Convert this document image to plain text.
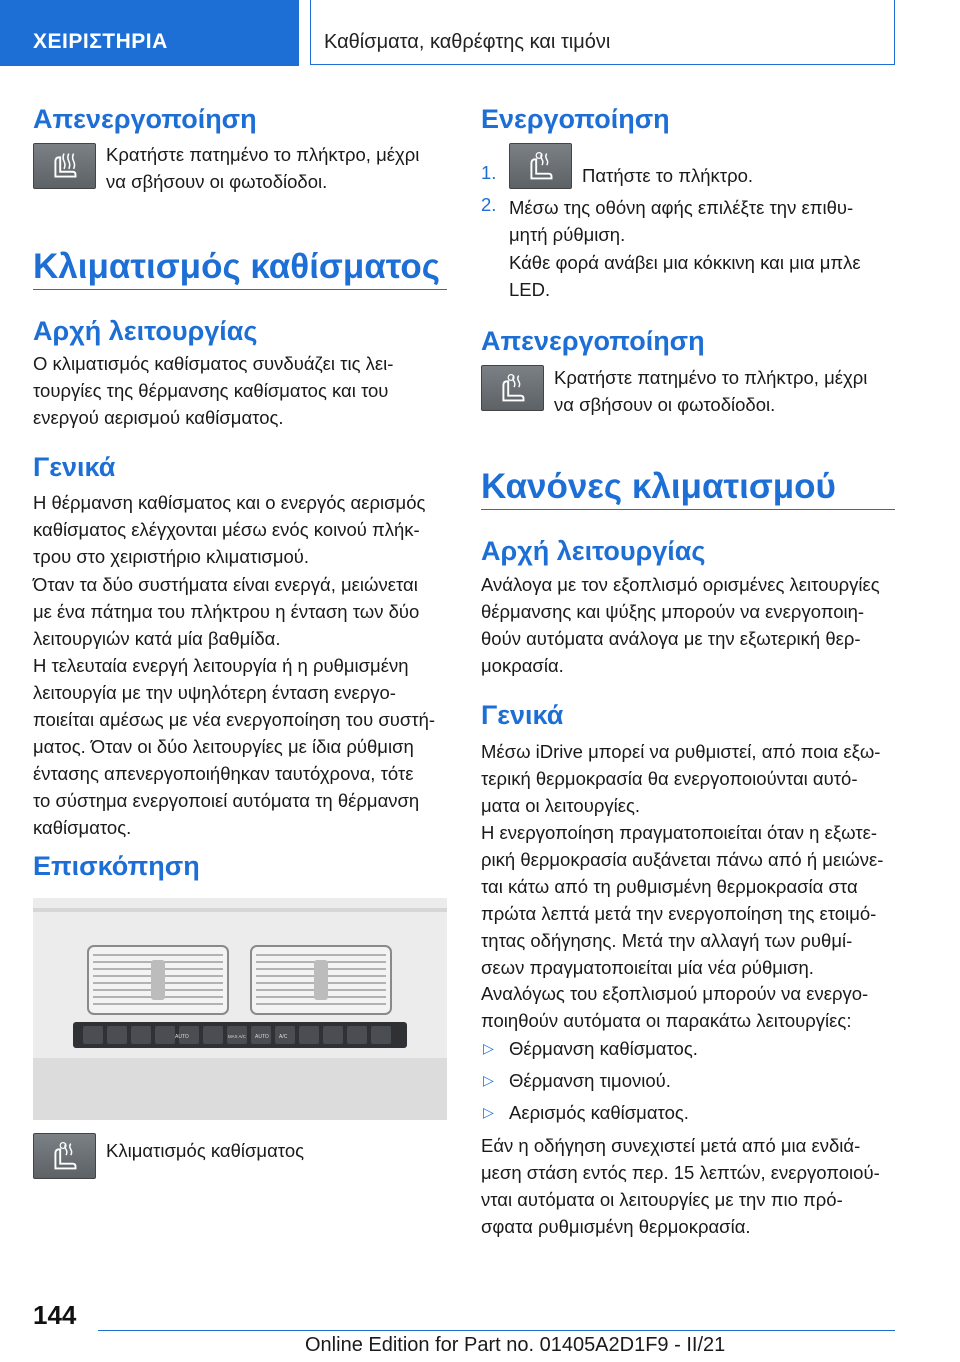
ΧΕΙΡΙΣΤΗΡΙΑ	Καθίσματα, καθρέφτης και τιμόνι
Απενεργοποίηση

Κρατήστε πατημένο το πλήκτρο, μέχρι
να σβήσουν οι φωτοδίοδοι.

Κλιματισμός καθίσματος
Αρχή λειτουργίας

Ο κλιματισμός καθίσματος συνδυάζει τις λει-
τουργίες της θέρμανσης καθίσματος και του
ενεργού αερισμού καθίσματος.

Γενικά

Η θέρμανση καθίσματος και ο ενεργός αερισμός
καθίσματος ελέγχονται μέσω ενός κοινού πλήκ-
τρου στο χειριστήριο κλιματισμού.

Όταν τα δύο συστήματα είναι ενεργά, μειώνεται
με ένα πάτημα του πλήκτρου η ένταση των δύο
λειτουργιών κατά μία βαθμίδα.

Η τελευταία ενεργή λειτουργία ή η ρυθμισμένη
λειτουργία με την υψηλότερη ένταση ενεργο-
ποιείται αμέσως με νέα ενεργοποίηση του συστή-
ματος. Όταν οι δύο λειτουργίες με ίδια ρύθμιση
έντασης απενεργοποιήθηκαν ταυτόχρονα, τότε
το σύστημα ενεργοποιεί αυτόματα τη θέρμανση
καθίσματος.

Επισκόπηση
AUTO	AUTO
MAX A/C	A/C

Κλιματισμός καθίσματος

Ενεργοποίηση
1.	Πατήστε το πλήκτρο.

2. Μέσω της οθόνη αφής επιλέξτε την επιθυ-
μητή ρύθμιση.

Κάθε φορά ανάβει μια κόκκινη και μια μπλε
LED.

Απενεργοποίηση

Κρατήστε πατημένο το πλήκτρο, μέχρι
να σβήσουν οι φωτοδίοδοι.

Κανόνες κλιματισμού
Αρχή λειτουργίας

Ανάλογα με τον εξοπλισμό ορισμένες λειτουργίες
θέρμανσης και ψύξης μπορούν να ενεργοποιη-
θούν αυτόματα ανάλογα με την εξωτερική θερ-
μοκρασία.

Γενικά

Μέσω iDrive μπορεί να ρυθμιστεί, από ποια εξω-
τερική θερμοκρασία θα ενεργοποιούνται αυτό-
ματα οι λειτουργίες.

Η ενεργοποίηση πραγματοποιείται όταν η εξωτε-
ρική θερμοκρασία αυξάνεται πάνω από ή μειώνε-
ται κάτω από τη ρυθμισμένη θερμοκρασία στα
πρώτα λεπτά μετά την ενεργοποίηση της ετοιμό-
τητας οδήγησης. Μετά την αλλαγή των ρυθμί-
σεων πραγματοποιείται μία νέα ρύθμιση.

Αναλόγως του εξοπλισμού μπορούν να ενεργο-
ποιηθούν αυτόματα οι παρακάτω λειτουργίες:

▷ Θέρμανση καθίσματος.

▷ Θέρμανση τιμονιού.

▷ Αερισμός καθίσματος.

Εάν η οδήγηση συνεχιστεί μετά από μια ενδιά-
μεση στάση εντός περ. 15 λεπτών, ενεργοποιού-
νται αυτόματα οι λειτουργίες με την πιο πρό-
σφατα ρυθμισμένη θερμοκρασία.

144
Online Edition for Part no. 01405A2D1F9 - II/21
